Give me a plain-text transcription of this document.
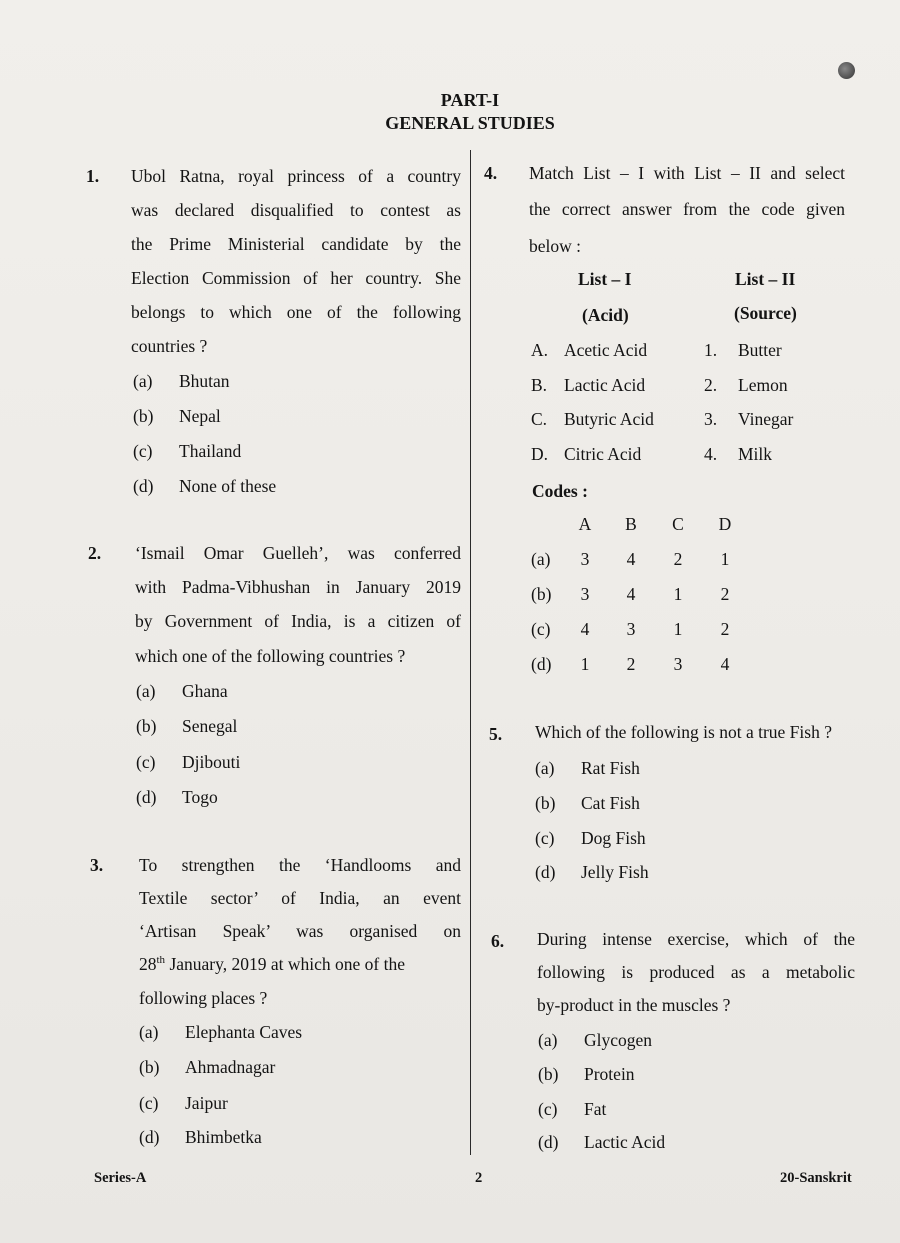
PART-I
GENERAL STUDIES
1. Ubol Ratna, royal princess of a country
was declared disqualified to contest as
the Prime Ministerial candidate by the
Election Commission of her country. She
belongs to which one of the following
countries ?
(a) Bhutan
(b) Nepal
(c) Thailand
(d) None of these
2. ‘Ismail Omar Guelleh’, was conferred
with Padma-Vibhushan in January 2019
by Government of India, is a citizen of
which one of the following countries ?
(a) Ghana
(b) Senegal
(c) Djibouti
(d) Togo
3. To strengthen the ‘Handlooms and
Textile sector’ of India, an event
‘Artisan Speak’ was organised on
28th January, 2019 at which one of the
following places ?
(a) Elephanta Caves
(b) Ahmadnagar
(c) Jaipur
(d) Bhimbetka
4. Match List – I with List – II and select
the correct answer from the code given
below :
List – I
(Acid)
List – II
(Source)
A. Acetic Acid	1. Butter
B. Lactic Acid	2. Lemon
C. Butyric Acid	3. Vinegar
D. Citric Acid	4. Milk
Codes :
A B C D
(a)	3	4	2	1
(b)	3	4	1	2
(c)	4	3	1	2
(d)	1	2	3	4
5. Which of the following is not a true Fish ?
(a) Rat Fish
(b) Cat Fish
(c) Dog Fish
(d) Jelly Fish
6. During intense exercise, which of the
following is produced as a metabolic
by-product in the muscles ?
(a) Glycogen
(b) Protein
(c) Fat
(d) Lactic Acid
Series-A	2	20-Sanskrit
